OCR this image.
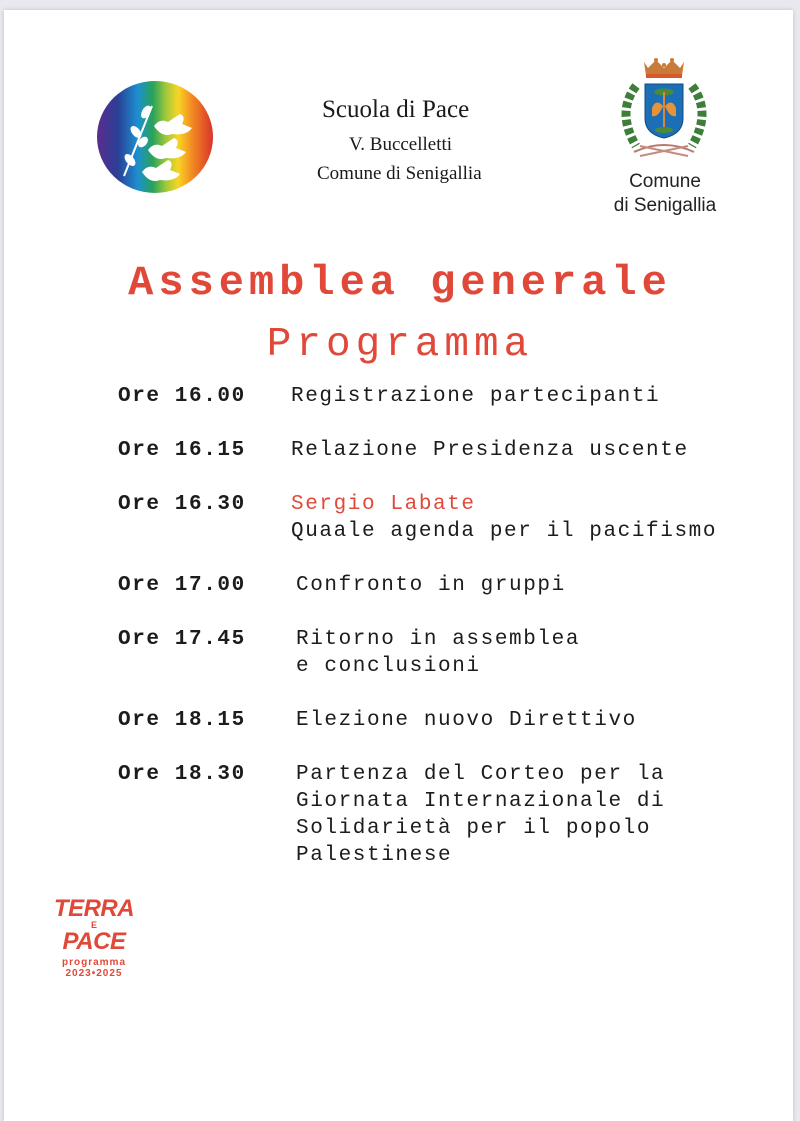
Scuola di Pace
V. Buccelletti
Comune di Senigallia	Comune
di Senigallia
Assemblea generale
Programma
Ore 16.00 Registrazione partecipanti
Ore 16.15 Relazione Presidenza uscente
Ore 16.30 Sergio Labate
Quaale agenda per il pacifismo
Ore 17.00 Confronto in gruppi
Ore 17.45 Ritorno in assemblea
e conclusioni
Ore 18.15 Elezione nuovo Direttivo
Ore 18.30 Partenza del Corteo per la
Giornata Internazionale di
Solidarietà per il popolo
Palestinese
TERRA
E
PACE
programma
2023•2025
